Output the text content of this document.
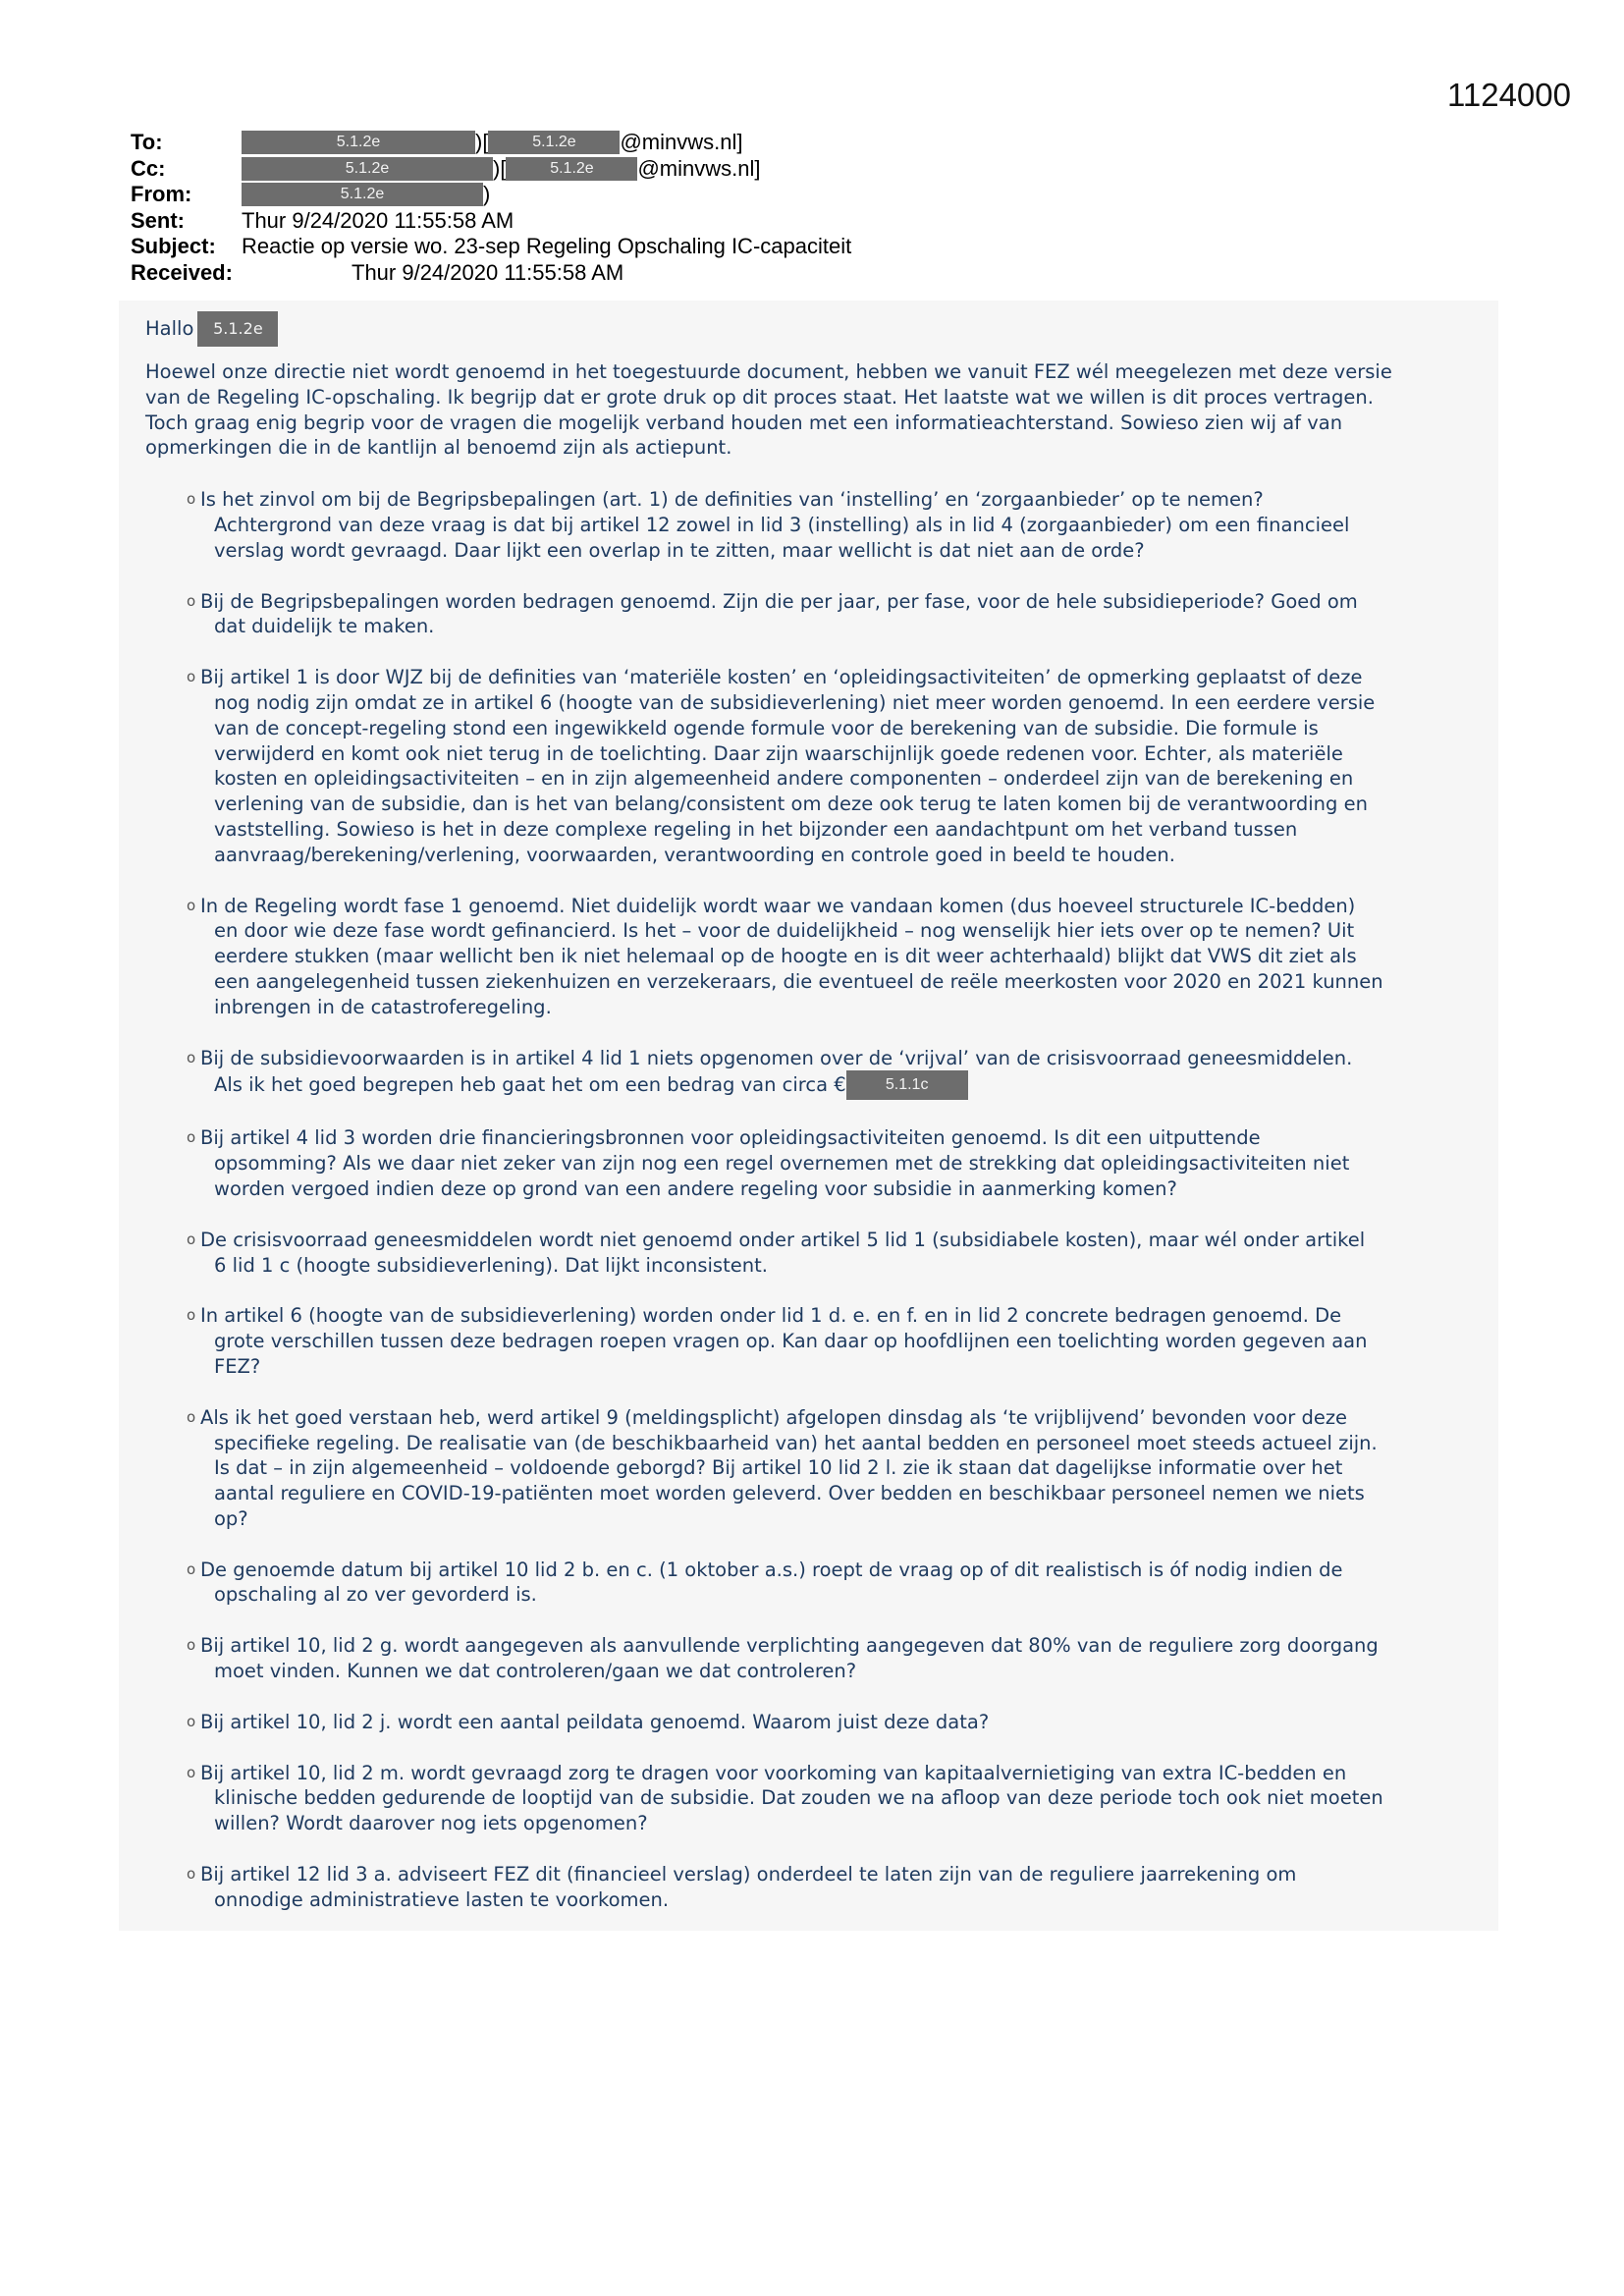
1124000
To:	5.1.2e	)[	5.1.2e	@minvws.nl]
Cc:	5.1.2e	)[	5.1.2e	@minvws.nl]
From:	5.1.2e	)
Sent:	Thur 9/24/2020 11:55:58 AM
Subject: Reactie op versie wo. 23-sep Regeling Opschaling IC-capaciteit
Received:	Thur 9/24/2020 11:55:58 AM
Hallo	5.1.2e

Hoewel onze directie niet wordt genoemd in het toegestuurde document, hebben we vanuit FEZ wél meegelezen met deze versie

van de Regeling IC-opschaling. Ik begrijp dat er grote druk op dit proces staat. Het laatste wat we willen is dit proces vertragen.

Toch graag enig begrip voor de vragen die mogelijk verband houden met een informatieachterstand. Sowieso zien wij af van

opmerkingen die in de kantlijn al benoemd zijn als actiepunt.

o Is het zinvol om bij de Begripsbepalingen (art. 1) de definities van ‘instelling’ en ‘zorgaanbieder’ op te nemen?
Achtergrond van deze vraag is dat bij artikel 12 zowel in lid 3 (instelling) als in lid 4 (zorgaanbieder) om een financieel
verslag wordt gevraagd. Daar lijkt een overlap in te zitten, maar wellicht is dat niet aan de orde?
o Bij de Begripsbepalingen worden bedragen genoemd. Zijn die per jaar, per fase, voor de hele subsidieperiode? Goed om
dat duidelijk te maken.
o Bij artikel 1 is door WJZ bij de definities van ‘materiële kosten’ en ‘opleidingsactiviteiten’ de opmerking geplaatst of deze
nog nodig zijn omdat ze in artikel 6 (hoogte van de subsidieverlening) niet meer worden genoemd. In een eerdere versie
van de concept-regeling stond een ingewikkeld ogende formule voor de berekening van de subsidie. Die formule is
verwijderd en komt ook niet terug in de toelichting. Daar zijn waarschijnlijk goede redenen voor. Echter, als materiële
kosten en opleidingsactiviteiten – en in zijn algemeenheid andere componenten – onderdeel zijn van de berekening en
verlening van de subsidie, dan is het van belang/consistent om deze ook terug te laten komen bij de verantwoording en
vaststelling. Sowieso is het in deze complexe regeling in het bijzonder een aandachtpunt om het verband tussen
aanvraag/berekening/verlening, voorwaarden, verantwoording en controle goed in beeld te houden.
o In de Regeling wordt fase 1 genoemd. Niet duidelijk wordt waar we vandaan komen (dus hoeveel structurele IC-bedden)
en door wie deze fase wordt gefinancierd. Is het – voor de duidelijkheid – nog wenselijk hier iets over op te nemen? Uit
eerdere stukken (maar wellicht ben ik niet helemaal op de hoogte en is dit weer achterhaald) blijkt dat VWS dit ziet als
een aangelegenheid tussen ziekenhuizen en verzekeraars, die eventueel de reële meerkosten voor 2020 en 2021 kunnen
inbrengen in de catastroferegeling.
o Bij de subsidievoorwaarden is in artikel 4 lid 1 niets opgenomen over de ‘vrijval’ van de crisisvoorraad geneesmiddelen.
Als ik het goed begrepen heb gaat het om een bedrag van circa €	5.1.1c
o Bij artikel 4 lid 3 worden drie financieringsbronnen voor opleidingsactiviteiten genoemd. Is dit een uitputtende
opsomming? Als we daar niet zeker van zijn nog een regel overnemen met de strekking dat opleidingsactiviteiten niet
worden vergoed indien deze op grond van een andere regeling voor subsidie in aanmerking komen?
o De crisisvoorraad geneesmiddelen wordt niet genoemd onder artikel 5 lid 1 (subsidiabele kosten), maar wél onder artikel
6 lid 1 c (hoogte subsidieverlening). Dat lijkt inconsistent.
o In artikel 6 (hoogte van de subsidieverlening) worden onder lid 1 d. e. en f. en in lid 2 concrete bedragen genoemd. De
grote verschillen tussen deze bedragen roepen vragen op. Kan daar op hoofdlijnen een toelichting worden gegeven aan
FEZ?
o Als ik het goed verstaan heb, werd artikel 9 (meldingsplicht) afgelopen dinsdag als ‘te vrijblijvend’ bevonden voor deze
specifieke regeling. De realisatie van (de beschikbaarheid van) het aantal bedden en personeel moet steeds actueel zijn.
Is dat – in zijn algemeenheid – voldoende geborgd? Bij artikel 10 lid 2 l. zie ik staan dat dagelijkse informatie over het
aantal reguliere en COVID-19-patiënten moet worden geleverd. Over bedden en beschikbaar personeel nemen we niets
op?
o De genoemde datum bij artikel 10 lid 2 b. en c. (1 oktober a.s.) roept de vraag op of dit realistisch is óf nodig indien de
opschaling al zo ver gevorderd is.
o Bij artikel 10, lid 2 g. wordt aangegeven als aanvullende verplichting aangegeven dat 80% van de reguliere zorg doorgang
moet vinden. Kunnen we dat controleren/gaan we dat controleren?
o Bij artikel 10, lid 2 j. wordt een aantal peildata genoemd. Waarom juist deze data?
o Bij artikel 10, lid 2 m. wordt gevraagd zorg te dragen voor voorkoming van kapitaalvernietiging van extra IC-bedden en
klinische bedden gedurende de looptijd van de subsidie. Dat zouden we na afloop van deze periode toch ook niet moeten
willen? Wordt daarover nog iets opgenomen?
o Bij artikel 12 lid 3 a. adviseert FEZ dit (financieel verslag) onderdeel te laten zijn van de reguliere jaarrekening om
onnodige administratieve lasten te voorkomen.
